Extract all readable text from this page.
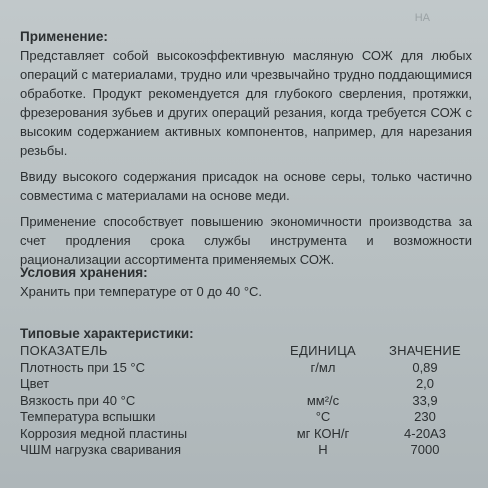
НА

Применение:

Представляет собой высокоэффективную масляную СОЖ для любых операций с материалами, трудно или чрезвычайно трудно поддающимися обработке. Продукт рекомендуется для глубокого сверления, протяжки, фрезерования зубьев и других операций резания, когда требуется СОЖ с высоким содержанием активных компонентов, например, для нарезания резьбы.

Ввиду высокого содержания присадок на основе серы, только частично совместима с материалами на основе меди.

Применение способствует повышению экономичности производства за счет продления срока службы инструмента и возможности рационализации ассортимента применяемых СОЖ.

Условия хранения:

Хранить при температуре от 0 до 40 °С.

Типовые характеристики:

ПОКАЗАТЕЛЬ	ЕДИНИЦА	ЗНАЧЕНИЕ
Плотность при 15 °С	г/мл	0,89
Цвет		2,0
Вязкость при 40 °С	мм²/с	33,9
Температура вспышки	°С	230
Коррозия медной пластины	мг КОН/г	4-20А3
ЧШМ нагрузка сваривания	Н	7000
